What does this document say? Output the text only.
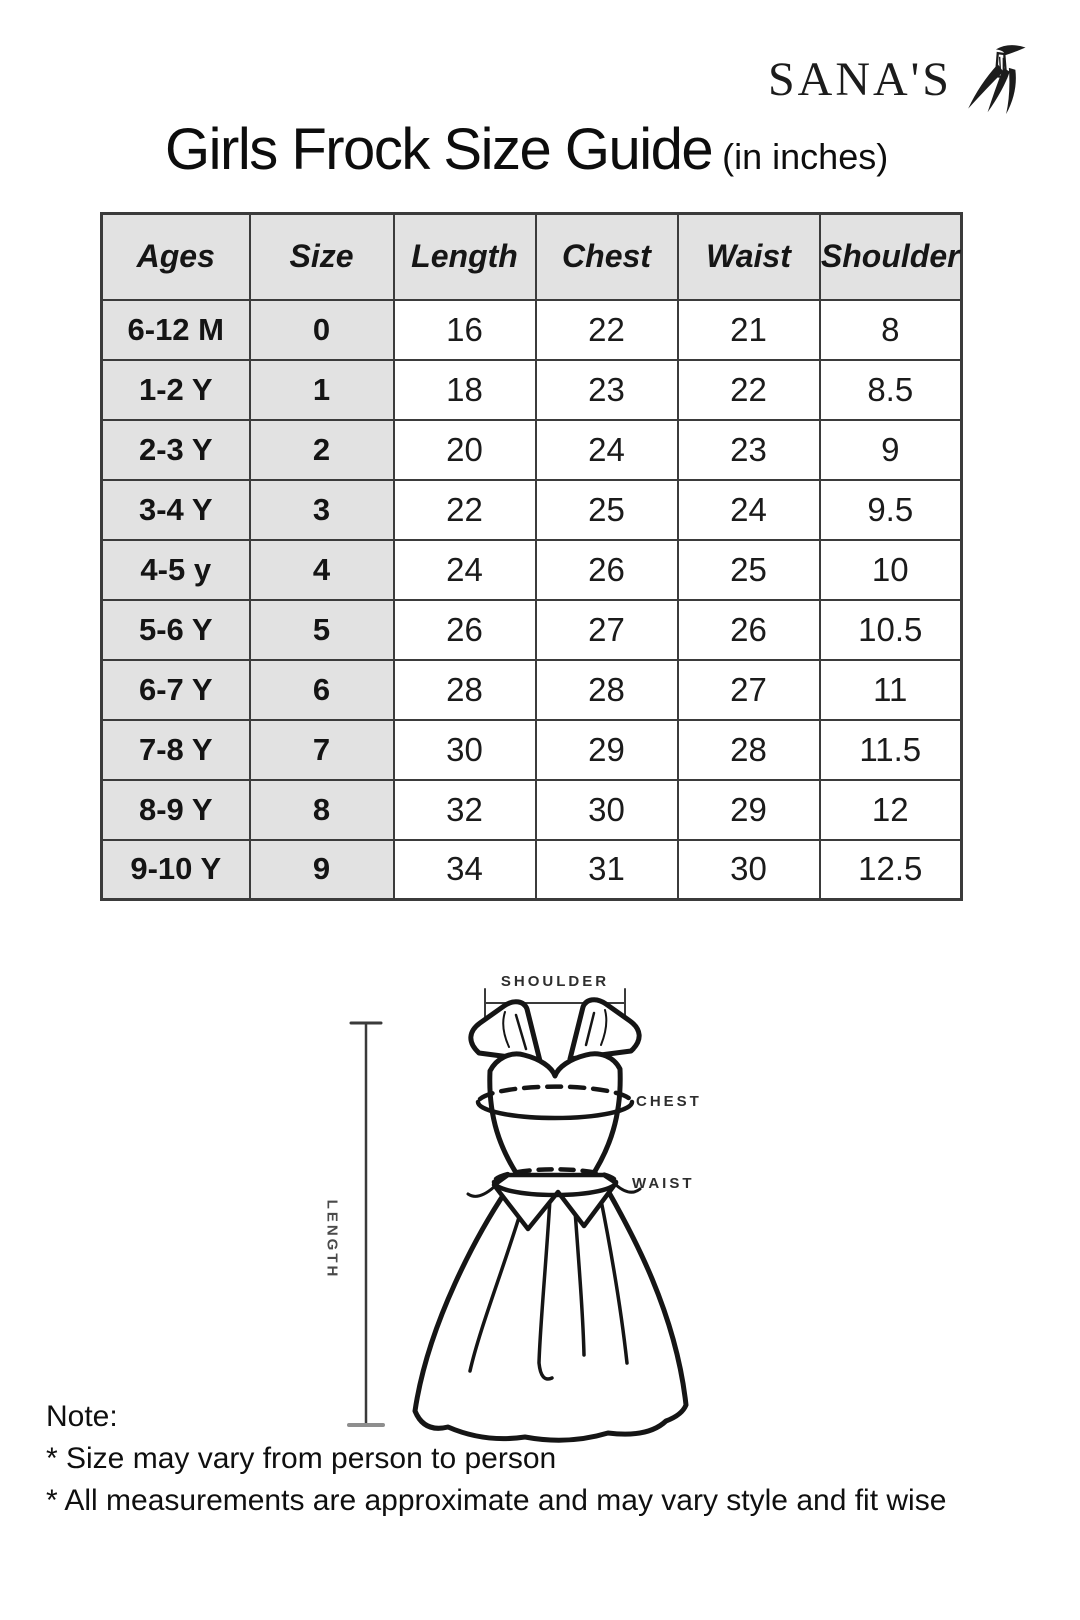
SANA'S
Girls Frock Size Guide (in inches)
Ages	Size	Length	Chest	Waist	Shoulder
6-12 M	0	16	22	21	8
1-2 Y	1	18	23	22	8.5
2-3 Y	2	20	24	23	9
3-4 Y	3	22	25	24	9.5
4-5 y	4	24	26	25	10
5-6 Y	5	26	27	26	10.5
6-7 Y	6	28	28	27	11
7-8 Y	7	30	29	28	11.5
8-9 Y	8	32	30	29	12
9-10 Y	9	34	31	30	12.5
SHOULDER
CHEST
WAIST
LENGTH
Note:
* Size may vary from person to person
* All measurements are approximate and may vary style and fit wise
